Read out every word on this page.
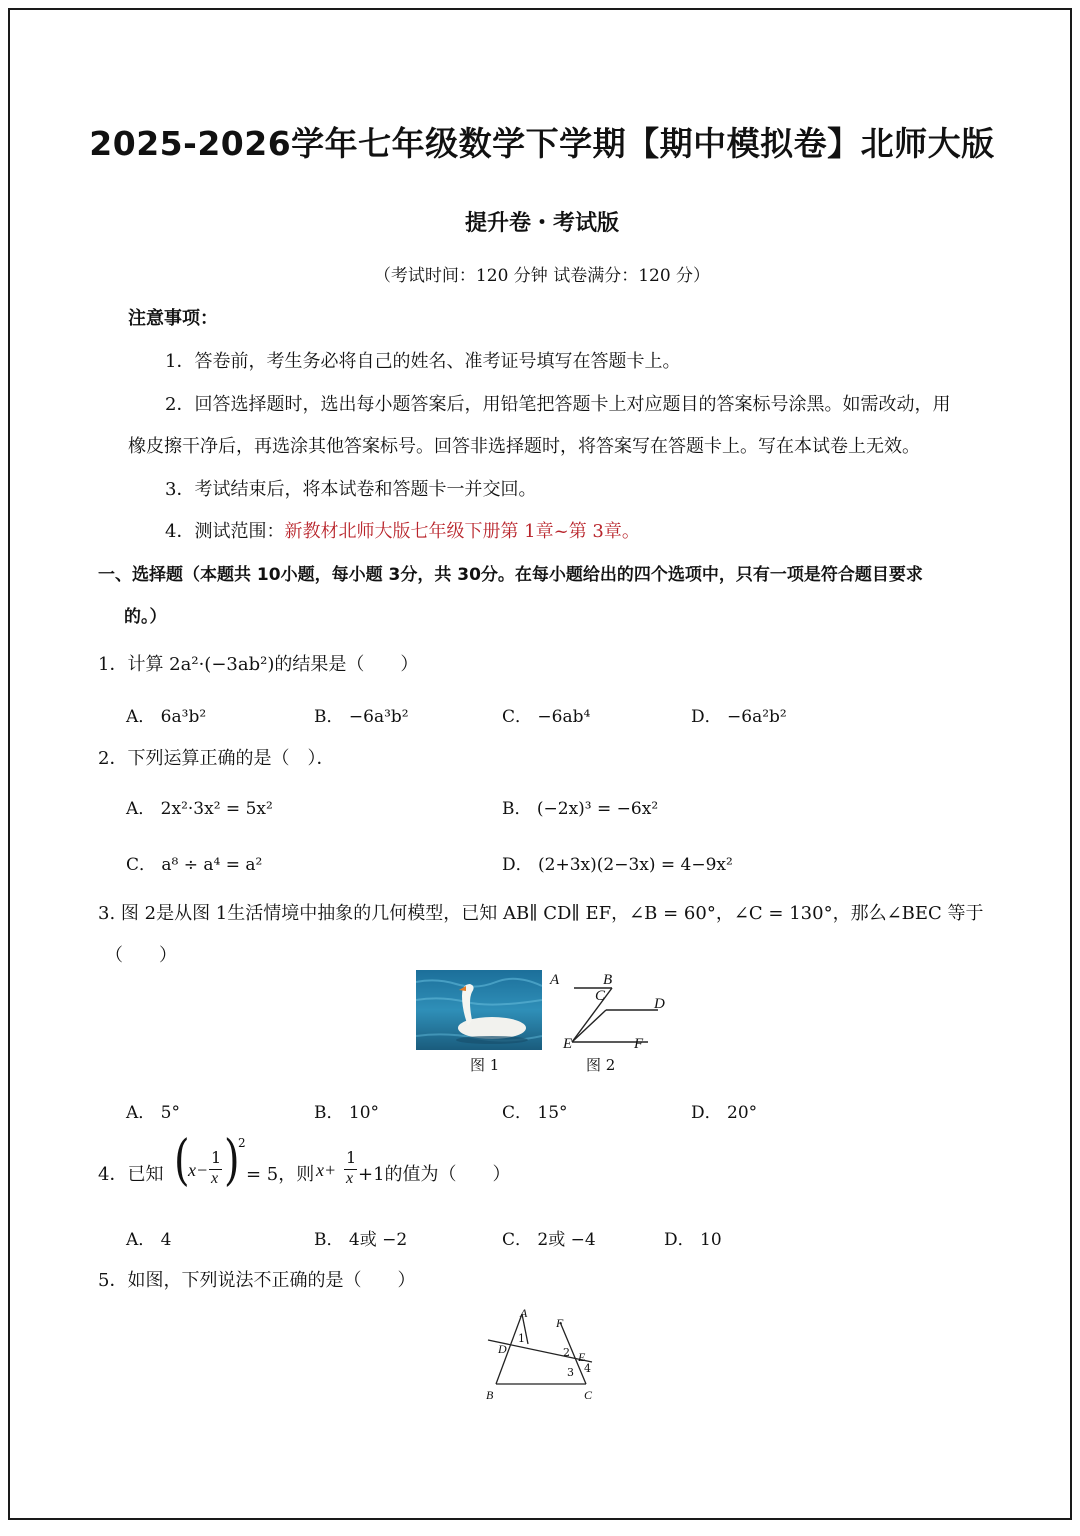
2025-2026学年七年级数学下学期【期中模拟卷】北师大版
提升卷・考试版
（考试时间：120 分钟 试卷满分：120 分）
注意事项：
1．答卷前，考生务必将自己的姓名、准考证号填写在答题卡上。
2．回答选择题时，选出每小题答案后，用铅笔把答题卡上对应题目的答案标号涂黑。如需改动，用
橡皮擦干净后，再选涂其他答案标号。回答非选择题时，将答案写在答题卡上。写在本试卷上无效。
3．考试结束后，将本试卷和答题卡一并交回。
4．测试范围：新教材北师大版七年级下册第 1章~第 3章。
一、选择题（本题共 10小题，每小题 3分，共 30分。在每小题给出的四个选项中，只有一项是符合题目要求
的。）
1．计算 2a²·(−3ab²)的结果是（　　）
A． 6a³b²	B． −6a³b²	C． −6ab⁴	D． −6a²b²
2．下列运算正确的是（　）．
A． 2x²·3x² = 5x²	B． (−2x)³ = −6x²
C． a⁸ ÷ a⁴ = a²	D． (2+3x)(2−3x) = 4−9x²
3. 图 2是从图 1生活情境中抽象的几何模型，已知 AB∥ CD∥ EF，∠B = 60°，∠C = 130°，那么∠BEC 等于
（　　）
图 1
A	B
C	D
E	F
图 2
A． 5°	B． 10°	C． 15°	D． 20°
4．已知 (
x−
1
x )
2
= 5，则 x+
1
x +1的值为（　　）
A． 4	B． 4或 −2	C． 2或 −4	D． 10
5．如图，下列说法不正确的是（　　）
A
F
D
1
2 E
3 4
B	C
